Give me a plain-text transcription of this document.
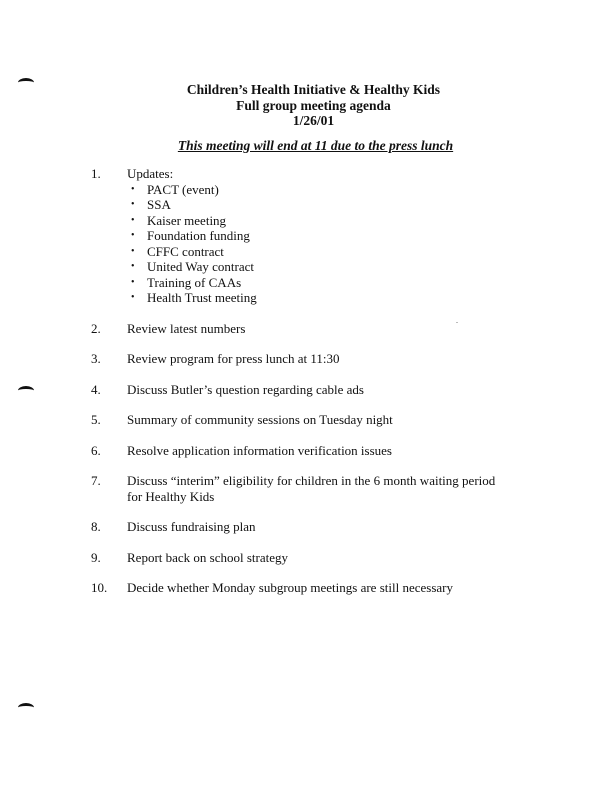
Children’s Health Initiative & Healthy Kids
Full group meeting agenda
1/26/01
This meeting will end at 11 due to the press lunch
1.	Updates:
• PACT (event)
• SSA
• Kaiser meeting
• Foundation funding
• CFFC contract
• United Way contract
• Training of CAAs
• Health Trust meeting
2.	Review latest numbers
3.	Review program for press lunch at 11:30
4.	Discuss Butler’s question regarding cable ads
5.	Summary of community sessions on Tuesday night
6.	Resolve application information verification issues
7.	Discuss “interim” eligibility for children in the 6 month waiting period for Healthy Kids
8.	Discuss fundraising plan
9.	Report back on school strategy
10.	Decide whether Monday subgroup meetings are still necessary
